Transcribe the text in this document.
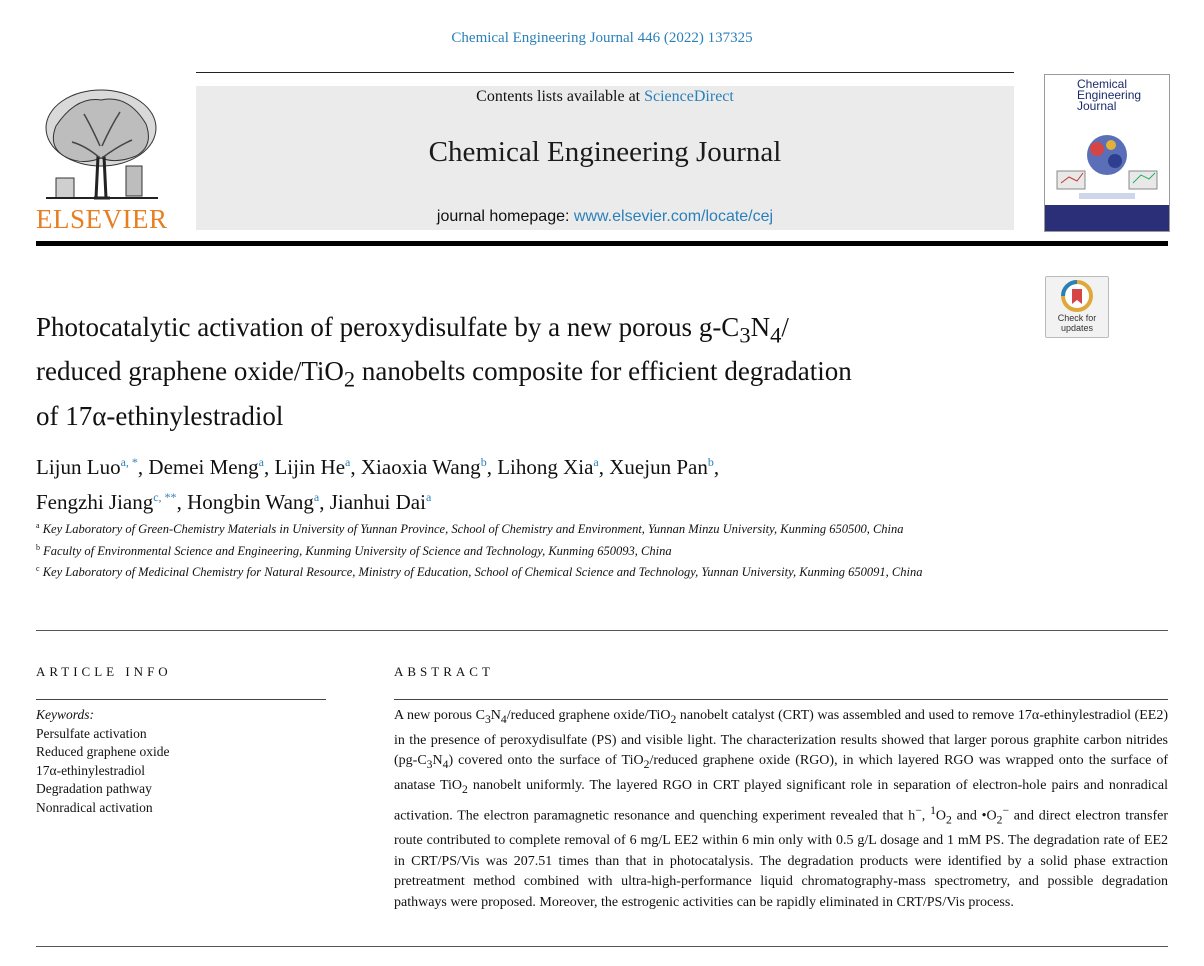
Chemical Engineering Journal 446 (2022) 137325
ELSEVIER
Contents lists available at ScienceDirect
Chemical Engineering Journal
journal homepage: www.elsevier.com/locate/cej
Chemical
Engineering
Journal
Check for
updates
Photocatalytic activation of peroxydisulfate by a new porous $g-C_3N_4/$
reduced graphene oxide/TiO$_2$ nanobelts composite for efficient degradation
of 17α-ethinylestradiol
Lijun Luo$^{a, *}$, Demei Meng$^a$, Lijin He$^a$, Xiaoxia Wang$^b$, Lihong Xia$^a$, Xuejun Pan$^b$,
Fengzhi Jiang$^{c, **}$, Hongbin Wang$^a$, Jianhui Dai$^a$
$^a$ Key Laboratory of Green-Chemistry Materials in University of Yunnan Province, School of Chemistry and Environment, Yunnan Minzu University, Kunming 650500, China
$^b$ Faculty of Environmental Science and Engineering, Kunming University of Science and Technology, Kunming 650093, China
$^c$ Key Laboratory of Medicinal Chemistry for Natural Resource, Ministry of Education, School of Chemical Science and Technology, Yunnan University, Kunming 650091, China
ARTICLE INFO
Keywords:
Persulfate activation
Reduced graphene oxide
17α-ethinylestradiol
Degradation pathway
Nonradical activation
ABSTRACT
A new porous $C_3N_4$/reduced graphene oxide/TiO$_2$ nanobelt catalyst (CRT) was assembled and used to remove 17α-ethinylestradiol (EE2) in the presence of peroxydisulfate (PS) and visible light. The characterization results showed that larger porous graphite carbon nitrides $(pg-C_3N_4)$ covered onto the surface of TiO$_2$/reduced graphene oxide (RGO), in which layered RGO was wrapped onto the surface of anatase TiO$_2$ nanobelt uniformly. The layered RGO in CRT played significant role in separation of electron-hole pairs and nonradical activation. The electron paramagnetic resonance and quenching experiment revealed that h−, $^1O_2$ and $•O_2^-$ and direct electron transfer route contributed to complete removal of 6 mg/L EE2 within 6 min only with 0.5 g/L dosage and 1 mM PS. The degradation rate of EE2 in CRT/PS/Vis was 207.51 times than that in photocatalysis. The degradation products were identified by a solid phase extraction pretreatment method combined with ultra-high-performance liquid chromatography-mass spectrometry, and possible degradation pathways were proposed. Moreover, the estrogenic activities can be rapidly eliminated in CRT/PS/Vis process.
